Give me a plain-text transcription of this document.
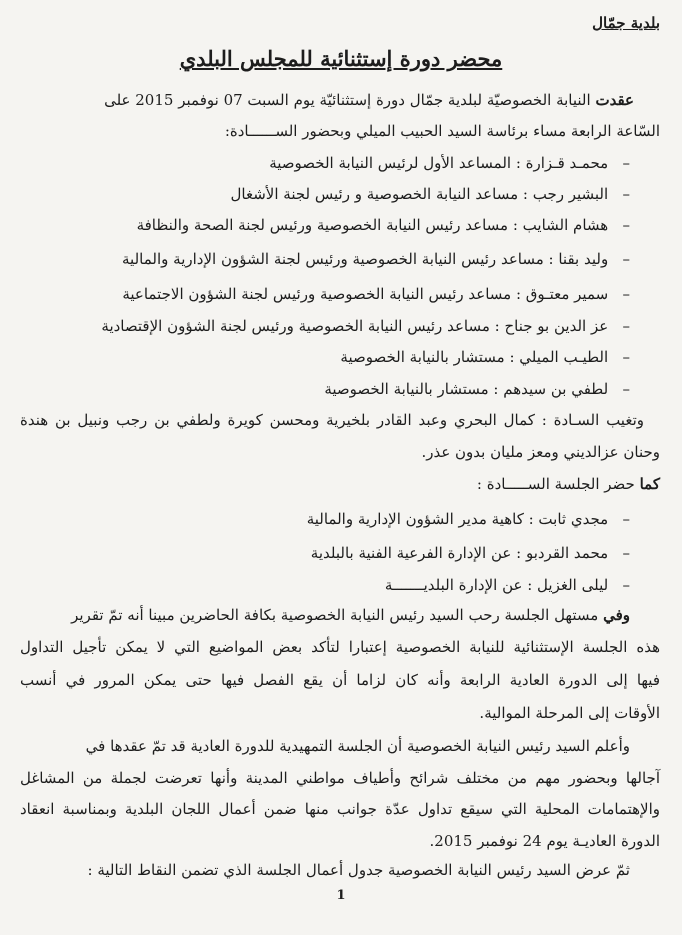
بلدية جمّال
محضر دورة إستثنائية للمجلس البلدي
عقدت النيابة الخصوصيّة لبلدية جمّال دورة إستثنائيّة يوم السبت 07 نوفمبر 2015 على
السّاعة الرابعة مساء برئاسة السيد الحبيب الميلي وبحضور الســــــادة:
–   محمـد قـزارة : المساعد الأول لرئيس النيابة الخصوصية
–   البشير رجب : مساعد النيابة الخصوصية و رئيس لجنة الأشغال
–   هشام الشايب : مساعد رئيس النيابة الخصوصية ورئيس لجنة الصحة والنظافة
–   وليد بقنا : مساعد رئيس النيابة الخصوصية ورئيس لجنة الشؤون الإدارية والمالية
–   سمير معتـوق : مساعد رئيس النيابة الخصوصية ورئيس لجنة الشؤون الاجتماعية
–   عز الدين بو جناح : مساعد رئيس النيابة الخصوصية ورئيس لجنة الشؤون الإقتصادية
–   الطيـب الميلي : مستشار بالنيابة الخصوصية
–   لطفي بن سيدهم : مستشار بالنيابة الخصوصية
وتغيب السـادة : كمال البحري وعبد القادر بلخيرية ومحسن كويرة ولطفي بن رجب ونبيل بن هندة
وحنان عزالديني ومعز مليان بدون عذر.
كما حضر الجلسة الســـــادة :
–   مجدي ثابت : كاهية مدير الشؤون الإدارية والمالية
–   محمد القردبو : عن الإدارة الفرعية الفنية بالبلدية
–   ليلى الغزيل : عن الإدارة البلديـــــــة
وفي مستهل الجلسة رحب السيد رئيس النيابة الخصوصية بكافة الحاضرين مبينا أنه تمّ تقرير
هذه الجلسة الإستثنائية للنيابة الخصوصية إعتبارا لتأكد بعض المواضيع التي لا يمكن تأجيل التداول
فيها إلى الدورة العادية الرابعة وأنه كان لزاما أن يقع الفصل فيها حتى يمكن المرور في أنسب
الأوقات إلى المرحلة الموالية.
وأعلم السيد رئيس النيابة الخصوصية أن الجلسة التمهيدية للدورة العادية قد تمّ عقدها في
آجالها وبحضور مهم من مختلف شرائح وأطياف مواطني المدينة وأنها تعرضت لجملة من المشاغل
والإهتمامات المحلية التي سيقع تداول عدّة جوانب منها ضمن أعمال اللجان البلدية وبمناسبة انعقاد
الدورة العاديـة يوم 24 نوفمبر 2015.
ثمّ عرض السيد رئيس النيابة الخصوصية جدول أعمال الجلسة الذي تضمن النقاط التالية :
1
